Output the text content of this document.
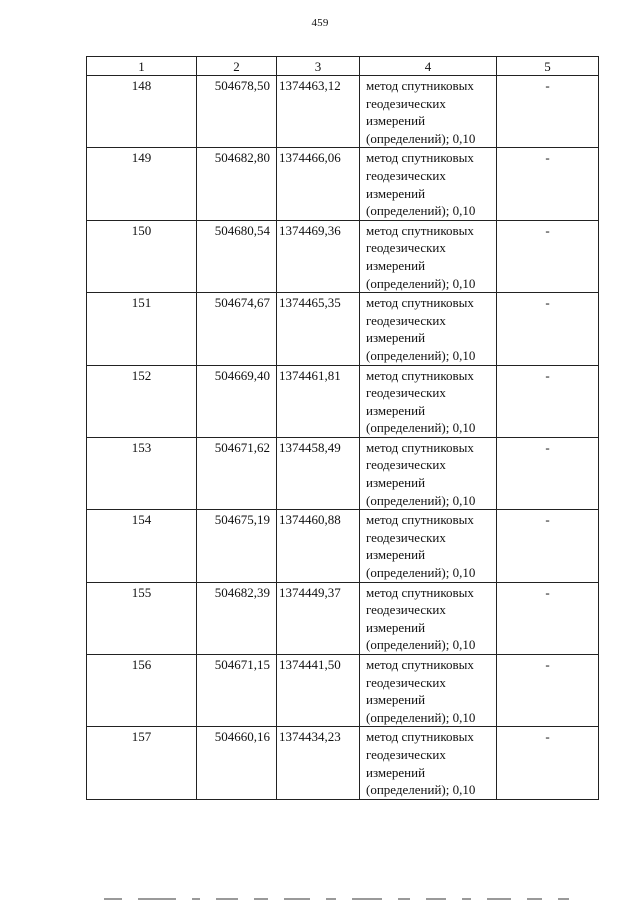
459
1	2	3	4	5
148	504678,50	1374463,12	метод спутниковых геодезических измерений (определений); 0,10	-
149	504682,80	1374466,06	метод спутниковых геодезических измерений (определений); 0,10	-
150	504680,54	1374469,36	метод спутниковых геодезических измерений (определений); 0,10	-
151	504674,67	1374465,35	метод спутниковых геодезических измерений (определений); 0,10	-
152	504669,40	1374461,81	метод спутниковых геодезических измерений (определений); 0,10	-
153	504671,62	1374458,49	метод спутниковых геодезических измерений (определений); 0,10	-
154	504675,19	1374460,88	метод спутниковых геодезических измерений (определений); 0,10	-
155	504682,39	1374449,37	метод спутниковых геодезических измерений (определений); 0,10	-
156	504671,15	1374441,50	метод спутниковых геодезических измерений (определений); 0,10	-
157	504660,16	1374434,23	метод спутниковых геодезических измерений (определений); 0,10	-
